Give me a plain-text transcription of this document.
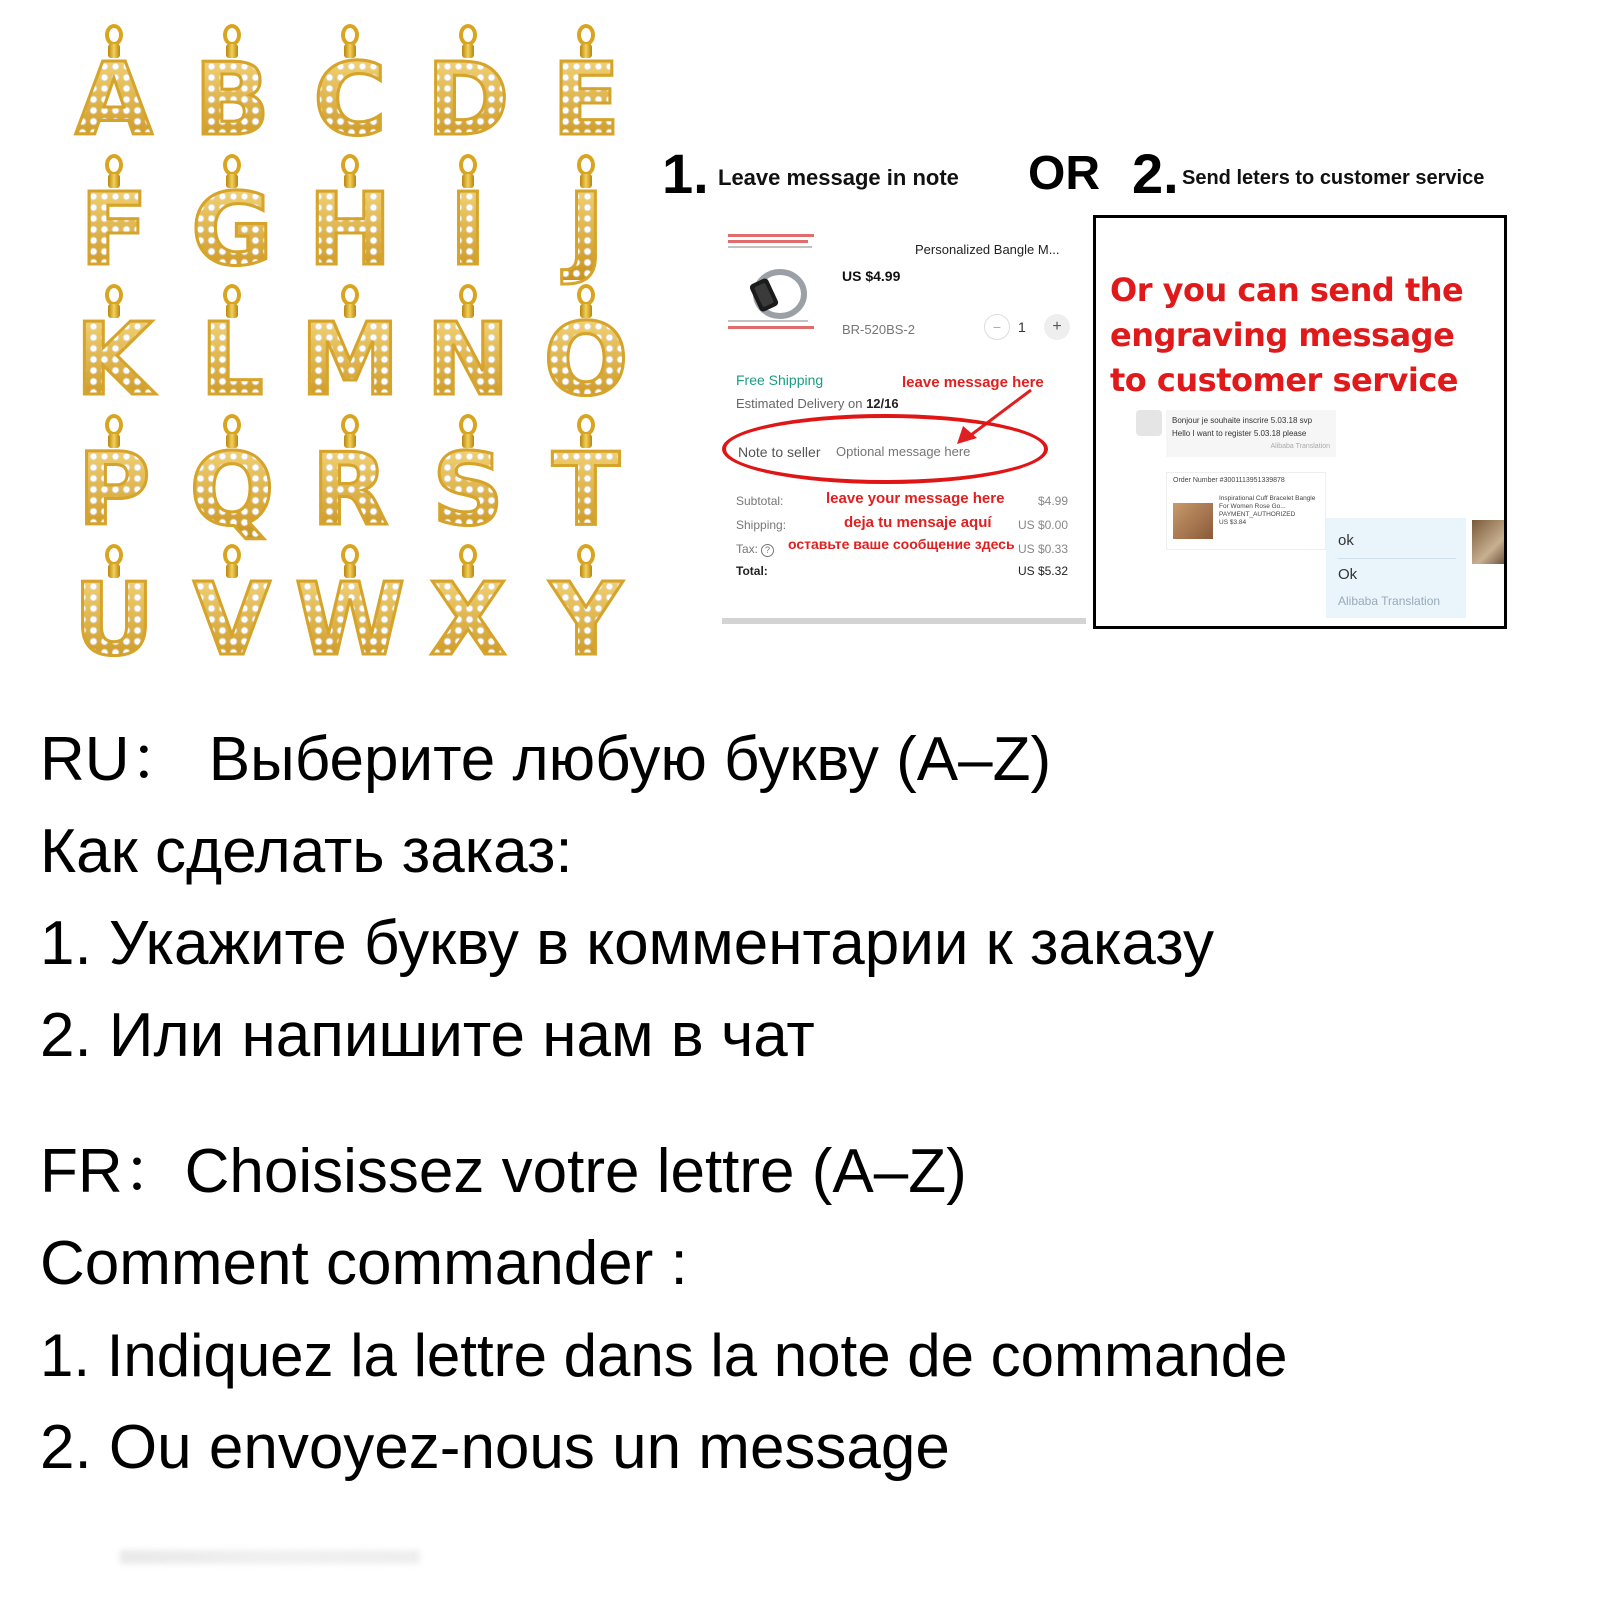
A B C D E
F G H I J
K L M N O
P Q R S T
U V W X Y
1. Leave message in note OR 2. Send leters to customer service
Personalized Bangle M...
US $4.99
BR-520BS-2	−	1	+
Free Shipping
Estimated Delivery on 12/16
leave message here
Note to seller
Optional message here
Subtotal:	$4.99
Shipping:	US $0.00
Tax: ?	US $0.33
Total:	US $5.32
leave your message here
deja tu mensaje aquí
оставьте ваше сообщение здесь
Or you can send the engraving message to customer service
Bonjour je souhaite inscrire 5.03.18 svp
Hello I want to register 5.03.18 please
Alibaba Translation
Order Number #3001113951339878
Inspirational Cuff Bracelet Bangle For Women Rose Go...
PAYMENT_AUTHORIZED
US $3.84
ok
Ok
Alibaba Translation
RU： Выберите любую букву (A–Z)
Как сделать заказ:
1. Укажите букву в комментарии к заказу
2. Или напишите нам в чат
FR：Choisissez votre lettre (A–Z)
Comment commander :
1. Indiquez la lettre dans la note de commande
2. Ou envoyez-nous un message
